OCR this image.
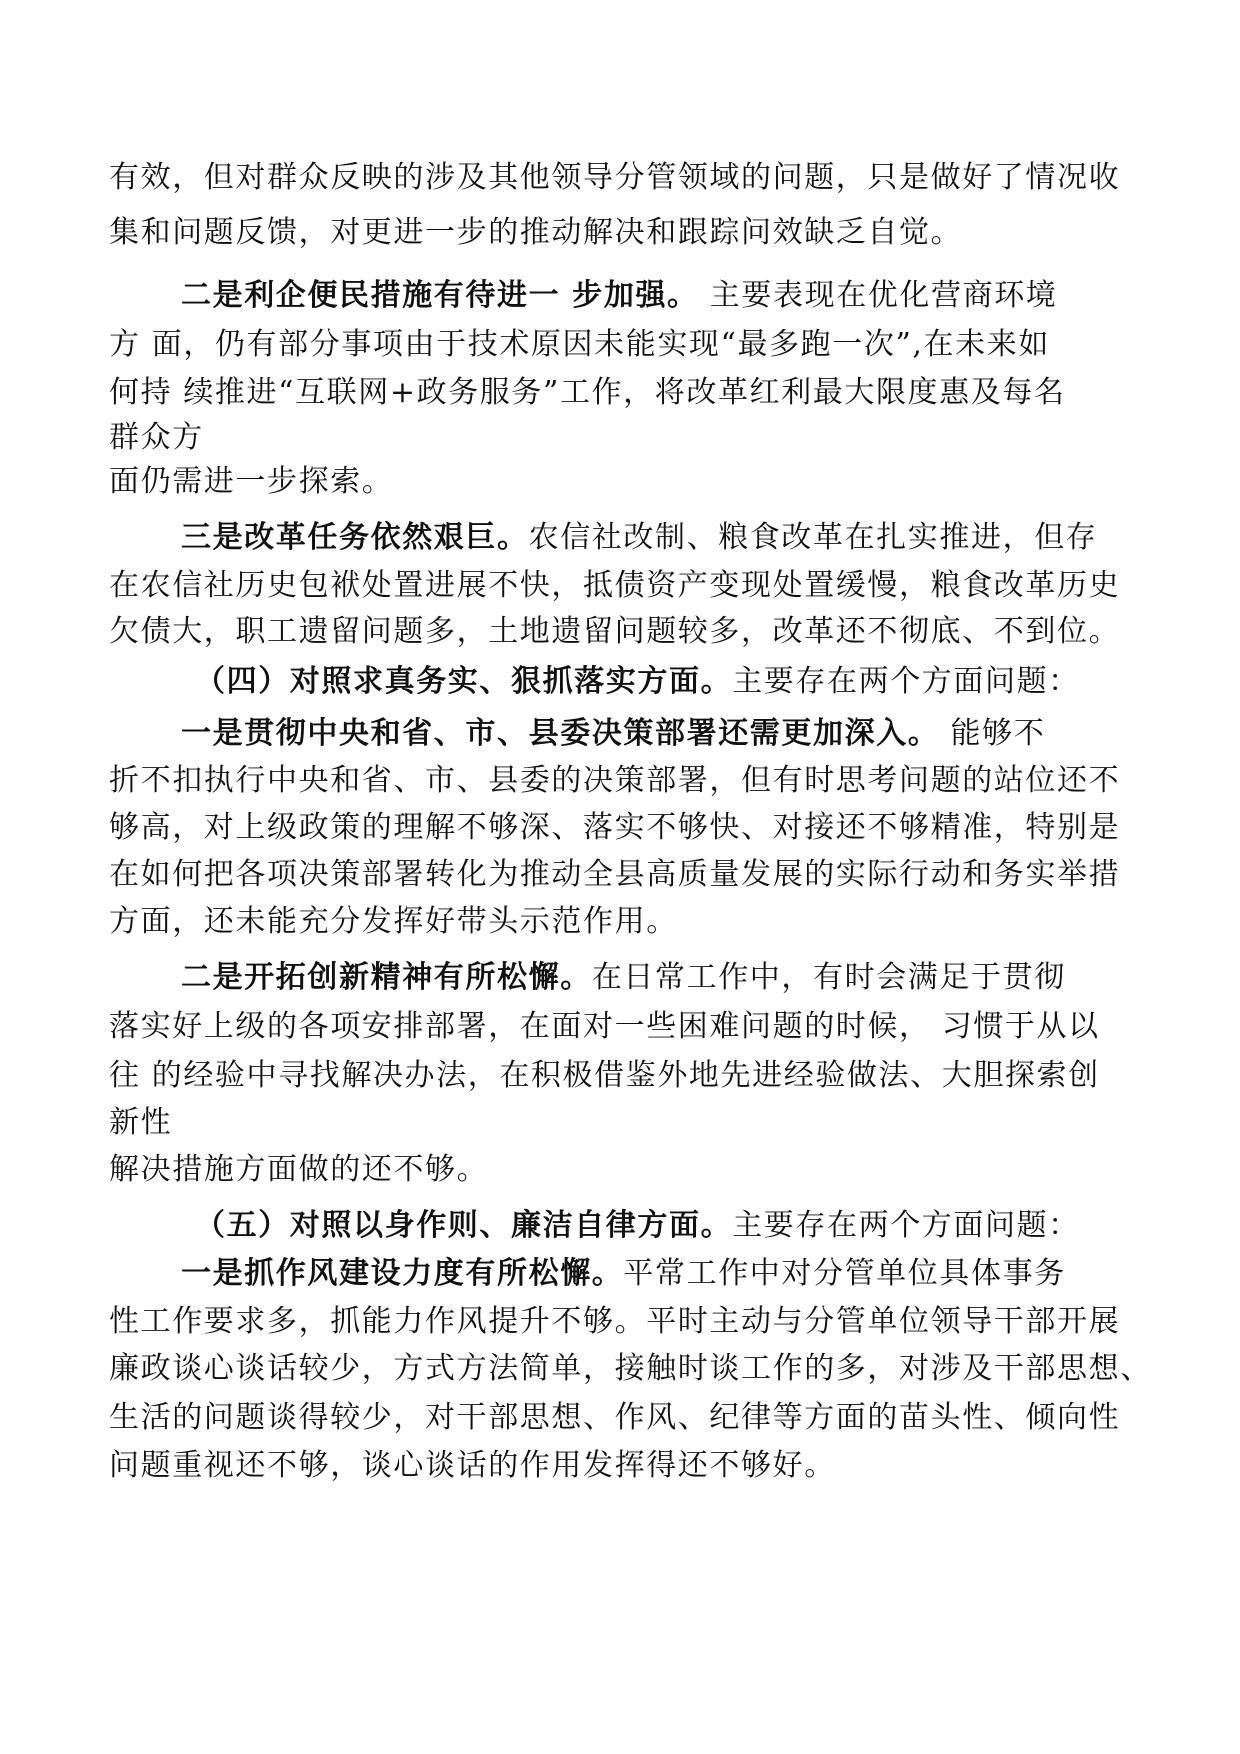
有效，但对群众反映的涉及其他领导分管领域的问题，只是做好了情况收
集和问题反馈，对更进一步的推动解决和跟踪问效缺乏自觉。
二是利企便民措施有待进一 步加强。 主要表现在优化营商环境
方 面，仍有部分事项由于技术原因未能实现“最多跑一次”,在未来如
何持 续推进“互联网+政务服务”工作，将改革红利最大限度惠及每名
群众方
面仍需进一步探索。
三是改革任务依然艰巨。农信社改制、粮食改革在扎实推进，但存
在农信社历史包袱处置进展不快，抵债资产变现处置缓慢，粮食改革历史
欠债大，职工遗留问题多，土地遗留问题较多，改革还不彻底、不到位。
（四）对照求真务实、狠抓落实方面。主要存在两个方面问题：
一是贯彻中央和省、市、县委决策部署还需更加深入。 能够不
折不扣执行中央和省、市、县委的决策部署，但有时思考问题的站位还不
够高，对上级政策的理解不够深、落实不够快、对接还不够精准，特别是
在如何把各项决策部署转化为推动全县高质量发展的实际行动和务实举措
方面，还未能充分发挥好带头示范作用。
二是开拓创新精神有所松懈。在日常工作中，有时会满足于贯彻
落实好上级的各项安排部署，在面对一些困难问题的时候， 习惯于从以
往 的经验中寻找解决办法，在积极借鉴外地先进经验做法、大胆探索创
新性
解决措施方面做的还不够。
（五）对照以身作则、廉洁自律方面。主要存在两个方面问题：
一是抓作风建设力度有所松懈。平常工作中对分管单位具体事务
性工作要求多，抓能力作风提升不够。平时主动与分管单位领导干部开展
廉政谈心谈话较少，方式方法简单，接触时谈工作的多，对涉及干部思想、
生活的问题谈得较少，对干部思想、作风、纪律等方面的苗头性、倾向性
问题重视还不够，谈心谈话的作用发挥得还不够好。
